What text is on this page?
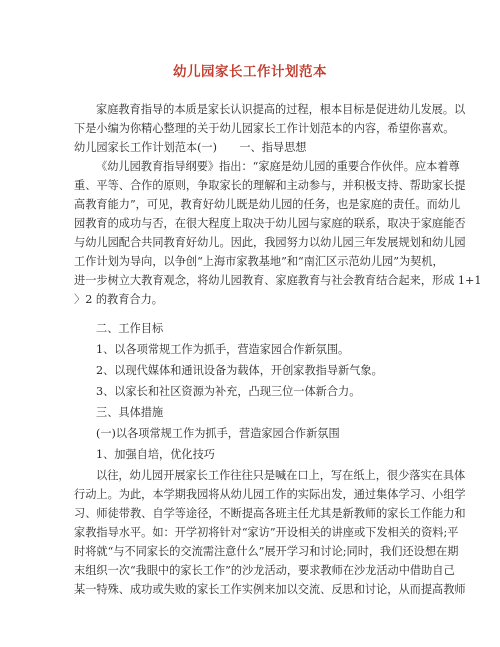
幼儿园家长工作计划范本
家庭教育指导的本质是家长认识提高的过程，根本目标是促进幼儿发展。以
下是小编为你精心整理的关于幼儿园家长工作计划范本的内容，希望你喜欢。
幼儿园家长工作计划范本(一)　　一、指导思想
《幼儿园教育指导纲要》指出：“家庭是幼儿园的重要合作伙伴。应本着尊
重、平等、合作的原则，争取家长的理解和主动参与，并积极支持、帮助家长提
高教育能力”，可见，教育好幼儿既是幼儿园的任务，也是家庭的责任。而幼儿
园教育的成功与否，在很大程度上取决于幼儿园与家庭的联系，取决于家庭能否
与幼儿园配合共同教育好幼儿。因此，我园努力以幼儿园三年发展规划和幼儿园
工作计划为导向，以争创“上海市家教基地”和“南汇区示范幼儿园”为契机，
进一步树立大教育观念，将幼儿园教育、家庭教育与社会教育结合起来，形成 1+1
〉2 的教育合力。
二、工作目标
1、以各项常规工作为抓手，营造家园合作新氛围。
2、以现代媒体和通讯设备为载体，开创家教指导新气象。
3、以家长和社区资源为补充，凸现三位一体新合力。
三、具体措施
(一)以各项常规工作为抓手，营造家园合作新氛围
1、加强自培，优化技巧
以往，幼儿园开展家长工作往往只是喊在口上，写在纸上，很少落实在具体
行动上。为此，本学期我园将从幼儿园工作的实际出发，通过集体学习、小组学
习、师徒带教、自学等途径，不断提高各班主任尤其是新教师的家长工作能力和
家教指导水平。如：开学初将针对“家访”开设相关的讲座或下发相关的资料;平
时将就“与不同家长的交流需注意什么”展开学习和讨论;同时，我们还设想在期
末组织一次“我眼中的家长工作”的沙龙活动，要求教师在沙龙活动中借助自己
某一特殊、成功或失败的家长工作实例来加以交流、反思和讨论，从而提高教师
